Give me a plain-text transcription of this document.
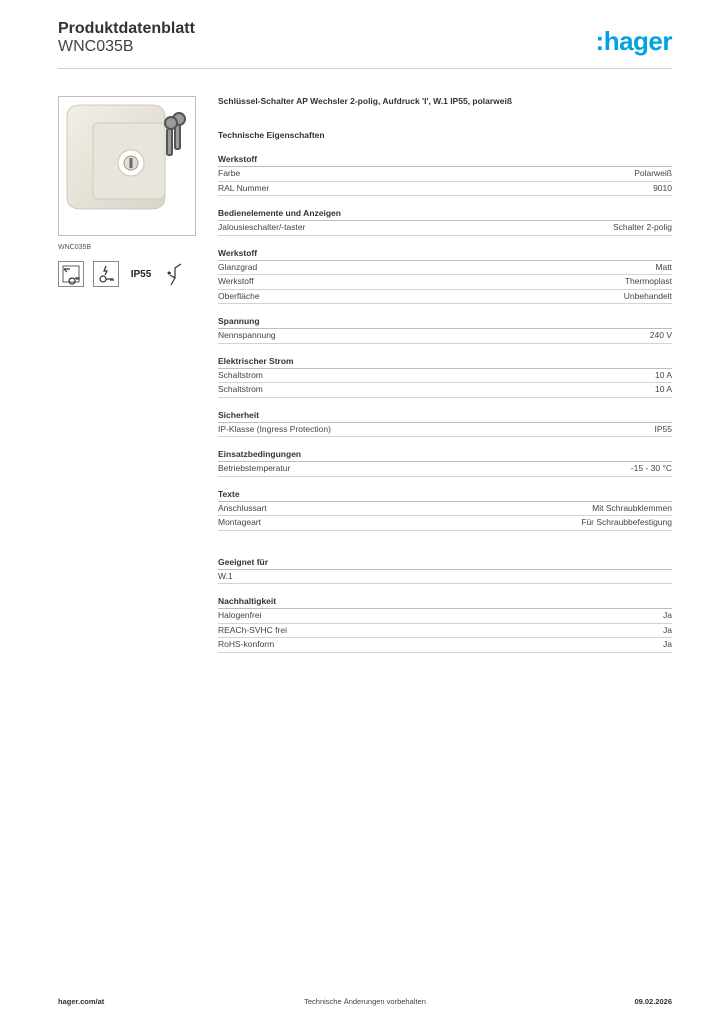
Produktdatenblatt
WNC035B	:hager
WNC035B
IP55
Schlüssel-Schalter AP Wechsler 2-polig, Aufdruck 'I', W.1 IP55, polarweiß
Technische Eigenschaften
Werkstoff
Farbe	Polarweiß
RAL Nummer	9010
Bedienelemente und Anzeigen
Jalousieschalter/-taster	Schalter 2-polig
Werkstoff
Glanzgrad	Matt
Werkstoff	Thermoplast
Oberfläche	Unbehandelt
Spannung
Nennspannung	240 V
Elektrischer Strom
Schaltstrom	10 A
Schaltstrom	10 A
Sicherheit
IP-Klasse (Ingress Protection)	IP55
Einsatzbedingungen
Betriebstemperatur	-15 - 30 °C
Texte
Anschlussart	Mit Schraubklemmen
Montageart	Für Schraubbefestigung
Geeignet für
W.1
Nachhaltigkeit
Halogenfrei	Ja
REACh-SVHC frei	Ja
RoHS-konform	Ja
hager.com/at	Technische Änderungen vorbehalten	09.02.2026
